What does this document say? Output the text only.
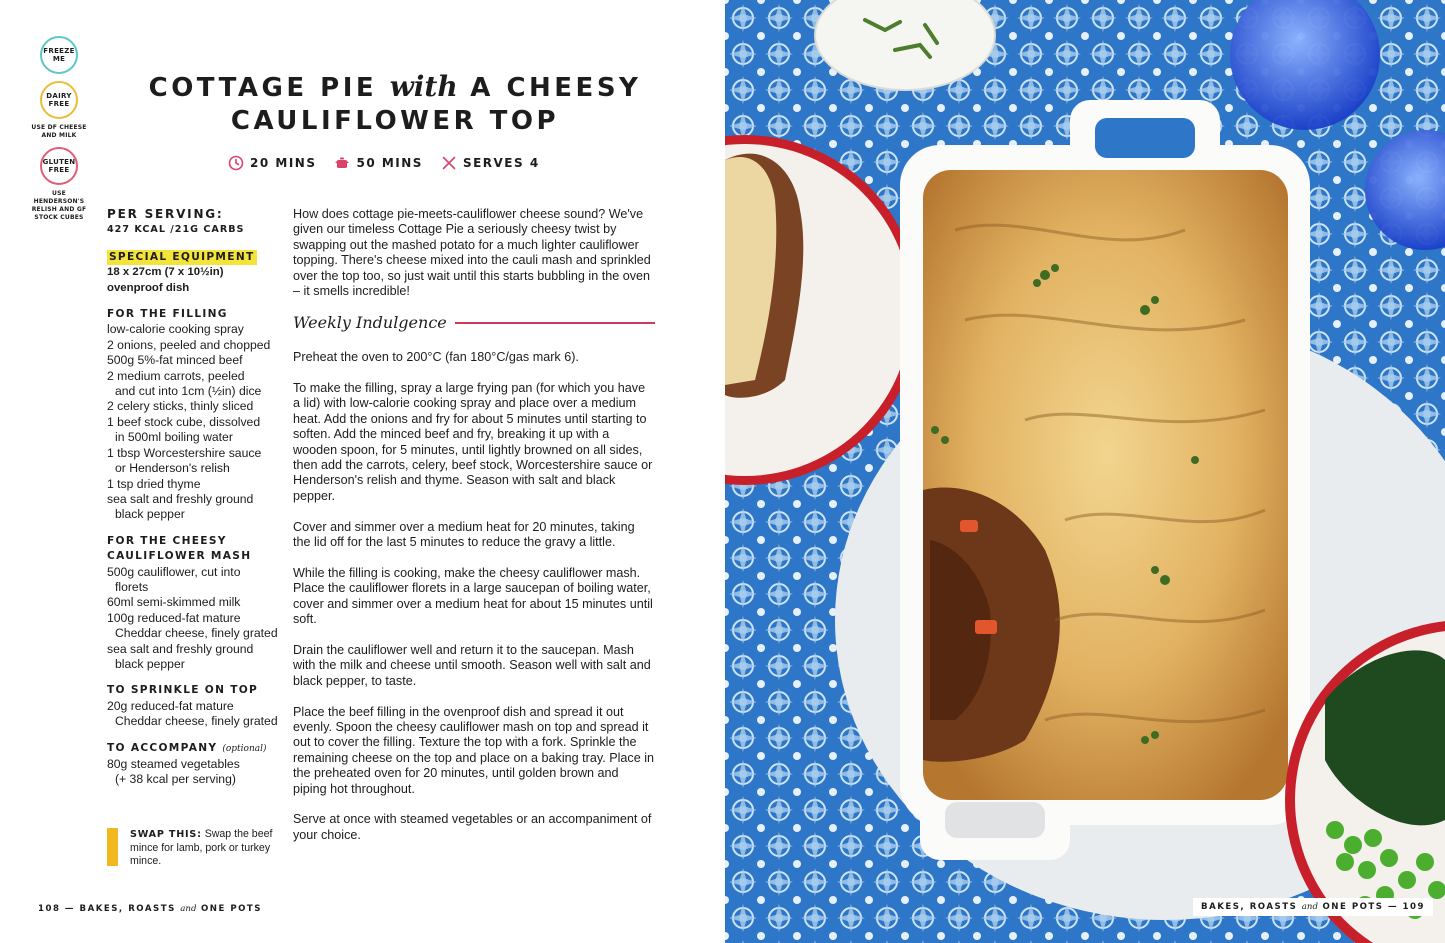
FREEZE
ME
DAIRY
FREE
USE DF CHEESE
AND MILK
GLUTEN
FREE
USE
HENDERSON'S
RELISH AND GF
STOCK CUBES
COTTAGE PIE with A CHEESY
CAULIFLOWER TOP
20 MINS	50 MINS	SERVES 4
PER SERVING:
427 KCAL /21G CARBS
SPECIAL EQUIPMENT
18 x 27cm (7 x 10½in)
ovenproof dish
FOR THE FILLING
low-calorie cooking spray
2 onions, peeled and chopped
500g 5%-fat minced beef
2 medium carrots, peeled
and cut into 1cm (½in) dice
2 celery sticks, thinly sliced
1 beef stock cube, dissolved
in 500ml boiling water
1 tbsp Worcestershire sauce
or Henderson's relish
1 tsp dried thyme
sea salt and freshly ground
black pepper
FOR THE CHEESY
CAULIFLOWER MASH
500g cauliflower, cut into
florets
60ml semi-skimmed milk
100g reduced-fat mature
Cheddar cheese, finely grated
sea salt and freshly ground
black pepper
TO SPRINKLE ON TOP
20g reduced-fat mature
Cheddar cheese, finely grated
TO ACCOMPANY (optional)
80g steamed vegetables
(+ 38 kcal per serving)
SWAP THIS: Swap the beef mince for lamb, pork or turkey mince.

How does cottage pie-meets-cauliflower cheese sound? We've given our timeless Cottage Pie a seriously cheesy twist by swapping out the mashed potato for a much lighter cauliflower topping. There's cheese mixed into the cauli mash and sprinkled over the top too, so just wait until this starts bubbling in the oven – it smells incredible!

Weekly Indulgence

Preheat the oven to 200°C (fan 180°C/gas mark 6).

To make the filling, spray a large frying pan (for which you have a lid) with low-calorie cooking spray and place over a medium heat. Add the onions and fry for about 5 minutes until starting to soften. Add the minced beef and fry, breaking it up with a wooden spoon, for 5 minutes, until lightly browned on all sides, then add the carrots, celery, beef stock, Worcestershire sauce or Henderson's relish and thyme. Season with salt and black pepper.

Cover and simmer over a medium heat for 20 minutes, taking the lid off for the last 5 minutes to reduce the gravy a little.

While the filling is cooking, make the cheesy cauliflower mash. Place the cauliflower florets in a large saucepan of boiling water, cover and simmer over a medium heat for about 15 minutes until soft.

Drain the cauliflower well and return it to the saucepan. Mash with the milk and cheese until smooth. Season well with salt and black pepper, to taste.

Place the beef filling in the ovenproof dish and spread it out evenly. Spoon the cheesy cauliflower mash on top and spread it out to cover the filling. Texture the top with a fork. Sprinkle the remaining cheese on the top and place on a baking tray. Place in the preheated oven for 20 minutes, until golden brown and piping hot throughout.

Serve at once with steamed vegetables or an accompaniment of your choice.

108 — BAKES, ROASTS and ONE POTS	BAKES, ROASTS and ONE POTS — 109
